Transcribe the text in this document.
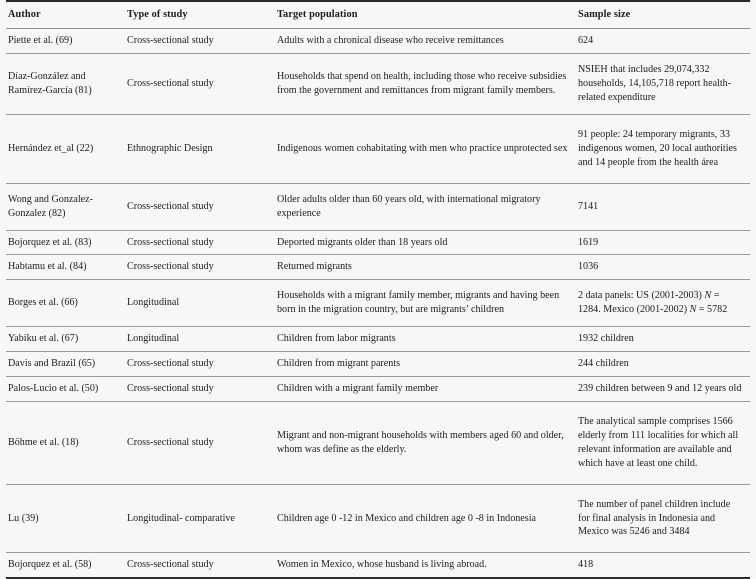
Author	Type of study	Target population	Sample size
Piette et al. (69)	Cross-sectional study	Adults with a chronical disease who receive remittances	624
Díaz-González and Ramírez-García (81)	Cross-sectional study	Households that spend on health, including those who receive subsidies from the government and remittances from migrant family members.	NSIEH that includes 29,074,332 households, 14,105,718 report health-related expenditure
Hernández et_al (22)	Ethnographic Design	Indigenous women cohabitating with men who practice unprotected sex	91 people: 24 temporary migrants, 33 indigenous women, 20 local authorities and 14 people from the health área
Wong and Gonzalez-Gonzalez (82)	Cross-sectional study	Older adults older than 60 years old, with international migratory experience	7141
Bojorquez et al. (83)	Cross-sectional study	Deported migrants older than 18 years old	1619
Habtamu et al. (84)	Cross-sectional study	Returned migrants	1036
Borges et al. (66)	Longitudinal	Households with a migrant family member, migrants and having been born in the migration country, but are migrants’ children	2 data panels: US (2001-2003) N = 1284. Mexico (2001-2002) N = 5782
Yabiku et al. (67)	Longitudinal	Children from labor migrants	1932 children
Davis and Brazil (65)	Cross-sectional study	Children from migrant parents	244 children
Palos-Lucio et al. (50)	Cross-sectional study	Children with a migrant family member	239 children between 9 and 12 years old
Böhme et al. (18)	Cross-sectional study	Migrant and non-migrant households with members aged 60 and older, whom was define as the elderly.	The analytical sample comprises 1566 elderly from 111 localities for which all relevant information are available and which have at least one child.
Lu (39)	Longitudinal- comparative	Children age 0 -12 in Mexico and children age 0 -8 in Indonesia	The number of panel children include for final analysis in Indonesia and Mexico was 5246 and 3484
Bojorquez et al. (58)	Cross-sectional study	Women in Mexico, whose husband is living abroad.	418
